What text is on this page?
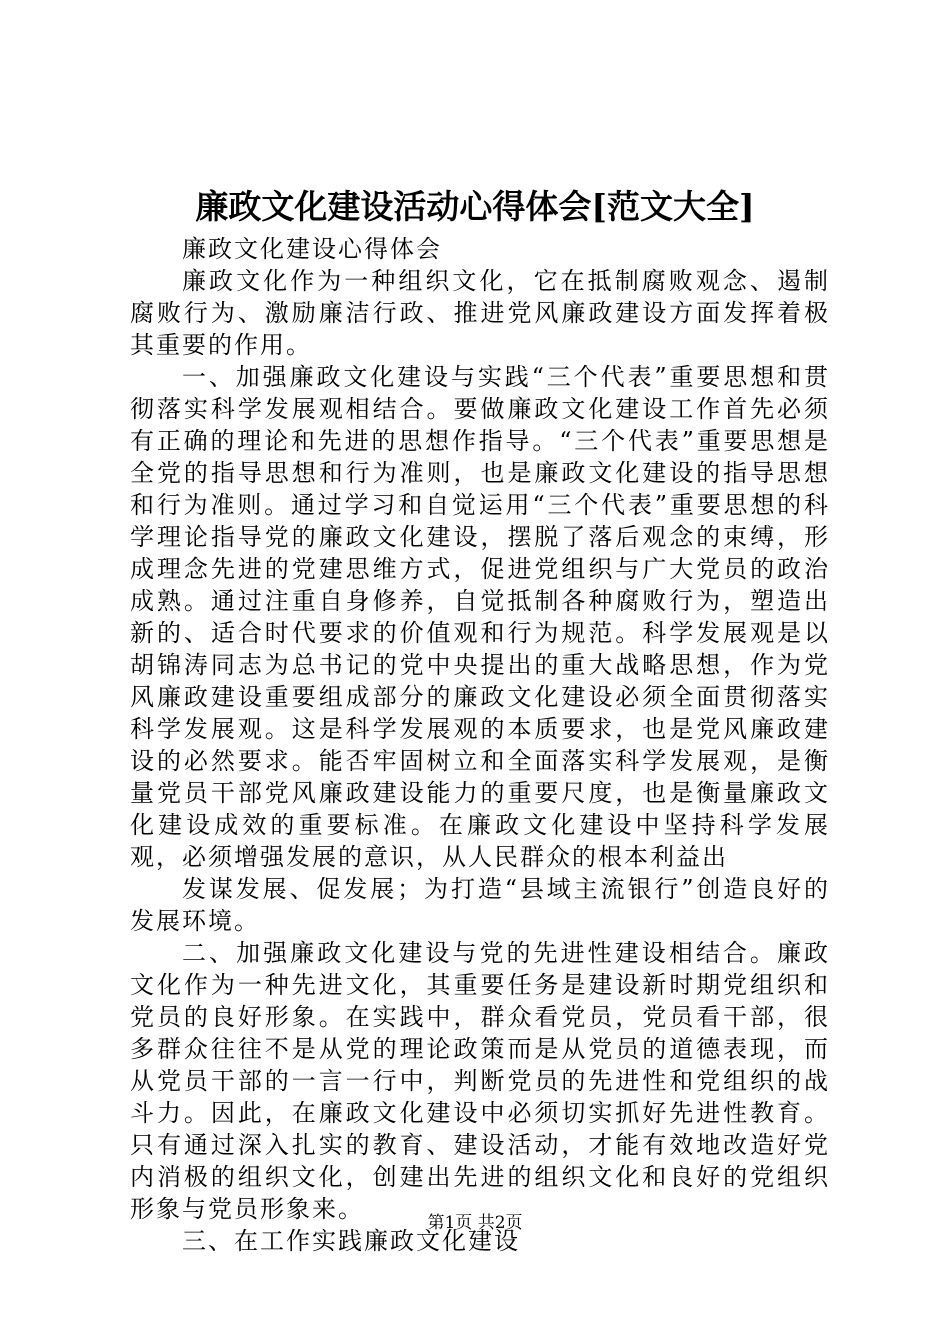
廉政文化建设活动心得体会[范文大全]

廉政文化建设心得体会

廉政文化作为一种组织文化，它在抵制腐败观念、遏制腐败行为、激励廉洁行政、推进党风廉政建设方面发挥着极其重要的作用。

一、加强廉政文化建设与实践“三个代表”重要思想和贯彻落实科学发展观相结合。要做廉政文化建设工作首先必须有正确的理论和先进的思想作指导。“三个代表”重要思想是全党的指导思想和行为准则，也是廉政文化建设的指导思想和行为准则。通过学习和自觉运用“三个代表”重要思想的科学理论指导党的廉政文化建设，摆脱了落后观念的束缚，形成理念先进的党建思维方式，促进党组织与广大党员的政治成熟。通过注重自身修养，自觉抵制各种腐败行为，塑造出新的、适合时代要求的价值观和行为规范。科学发展观是以胡锦涛同志为总书记的党中央提出的重大战略思想，作为党风廉政建设重要组成部分的廉政文化建设必须全面贯彻落实科学发展观。这是科学发展观的本质要求，也是党风廉政建设的必然要求。能否牢固树立和全面落实科学发展观，是衡量党员干部党风廉政建设能力的重要尺度，也是衡量廉政文化建设成效的重要标准。在廉政文化建设中坚持科学发展观，必须增强发展的意识，从人民群众的根本利益出

发谋发展、促发展；为打造“县域主流银行”创造良好的发展环境。

二、加强廉政文化建设与党的先进性建设相结合。廉政文化作为一种先进文化，其重要任务是建设新时期党组织和党员的良好形象。在实践中，群众看党员，党员看干部，很多群众往往不是从党的理论政策而是从党员的道德表现，而从党员干部的一言一行中，判断党员的先进性和党组织的战斗力。因此，在廉政文化建设中必须切实抓好先进性教育。只有通过深入扎实的教育、建设活动，才能有效地改造好党内消极的组织文化，创建出先进的组织文化和良好的党组织形象与党员形象来。

三、在工作实践廉政文化建设

第1页 共2页
